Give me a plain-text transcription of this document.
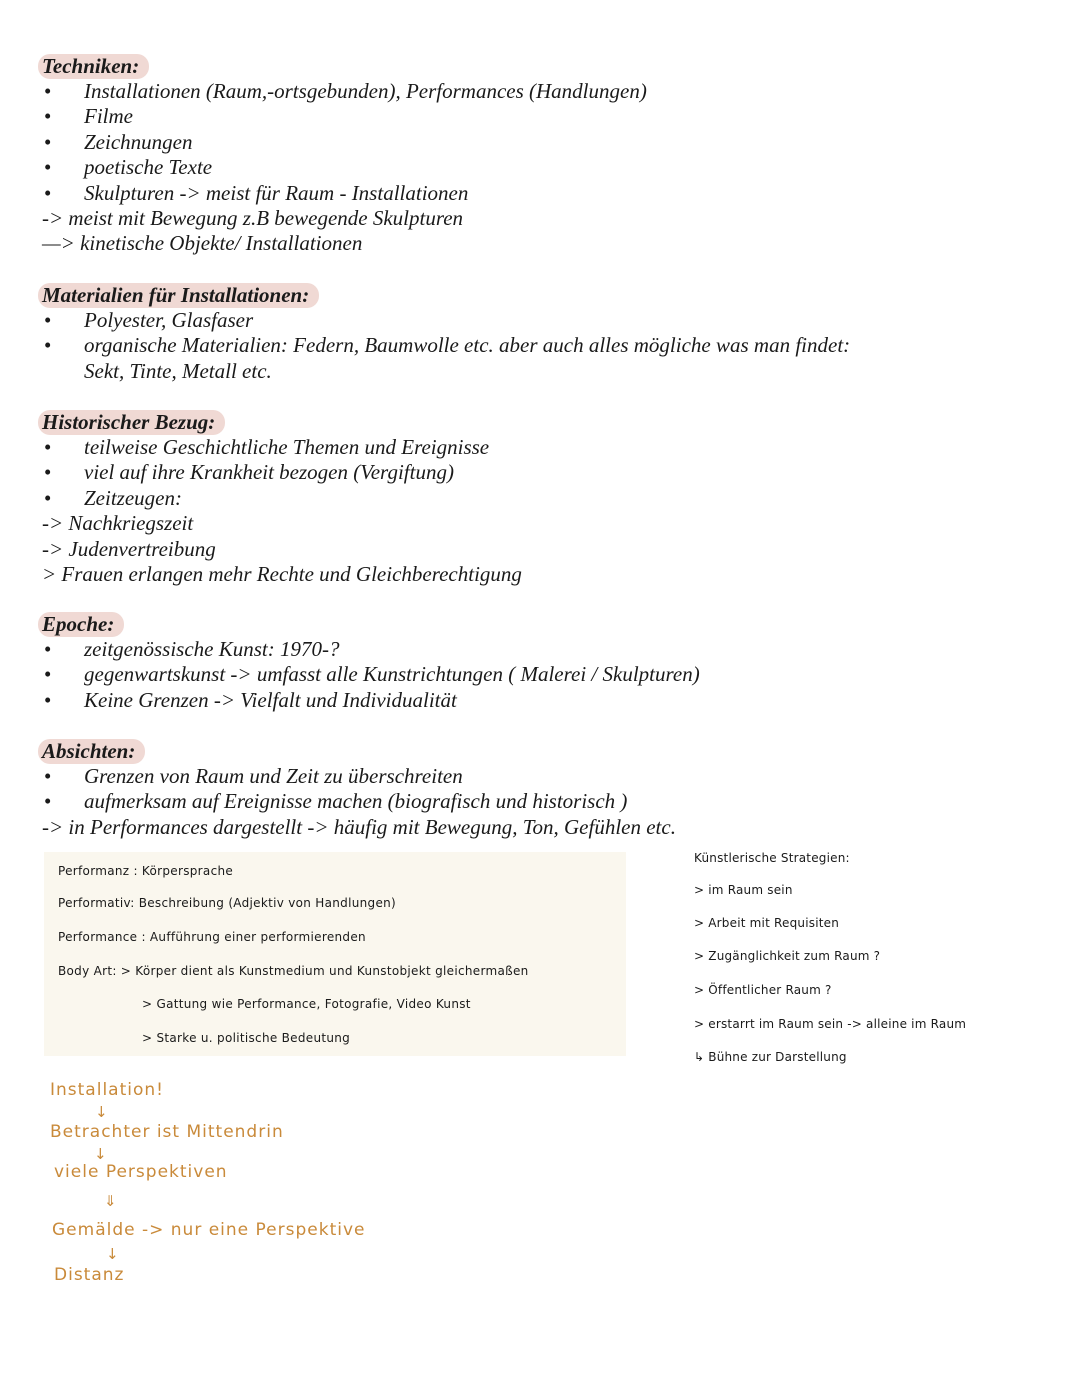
Techniken:
• Installationen (Raum,-ortsgebunden), Performances (Handlungen)
• Filme
• Zeichnungen
• poetische Texte
• Skulpturen -> meist für Raum - Installationen
-> meist mit Bewegung z.B bewegende Skulpturen
—> kinetische Objekte/ Installationen
Materialien für Installationen:
• Polyester, Glasfaser
• organische Materialien: Federn, Baumwolle etc. aber auch alles mögliche was man findet:
Sekt, Tinte, Metall etc.
Historischer Bezug:
• teilweise Geschichtliche Themen und Ereignisse
• viel auf ihre Krankheit bezogen (Vergiftung)
• Zeitzeugen:
-> Nachkriegszeit
-> Judenvertreibung
> Frauen erlangen mehr Rechte und Gleichberechtigung
Epoche:
• zeitgenössische Kunst: 1970-?
• gegenwartskunst -> umfasst alle Kunstrichtungen ( Malerei / Skulpturen)
• Keine Grenzen -> Vielfalt und Individualität
Absichten:
• Grenzen von Raum und Zeit zu überschreiten
• aufmerksam auf Ereignisse machen (biografisch und historisch )
-> in Performances dargestellt -> häufig mit Bewegung, Ton, Gefühlen etc.
Performanz : Körpersprache
Performativ: Beschreibung (Adjektiv von Handlungen)
Performance : Aufführung einer performierenden
Body Art: > Körper dient als Kunstmedium und Kunstobjekt gleichermaßen
> Gattung wie Performance, Fotografie, Video Kunst
> Starke u. politische Bedeutung
Künstlerische Strategien:
> im Raum sein
> Arbeit mit Requisiten
> Zugänglichkeit zum Raum ?
> Öffentlicher Raum ?
> erstarrt im Raum sein -> alleine im Raum
↳ Bühne zur Darstellung
Installation!
↓
Betrachter ist Mittendrin
↓
viele Perspektiven
⇓
Gemälde -> nur eine Perspektive
↓
Distanz
